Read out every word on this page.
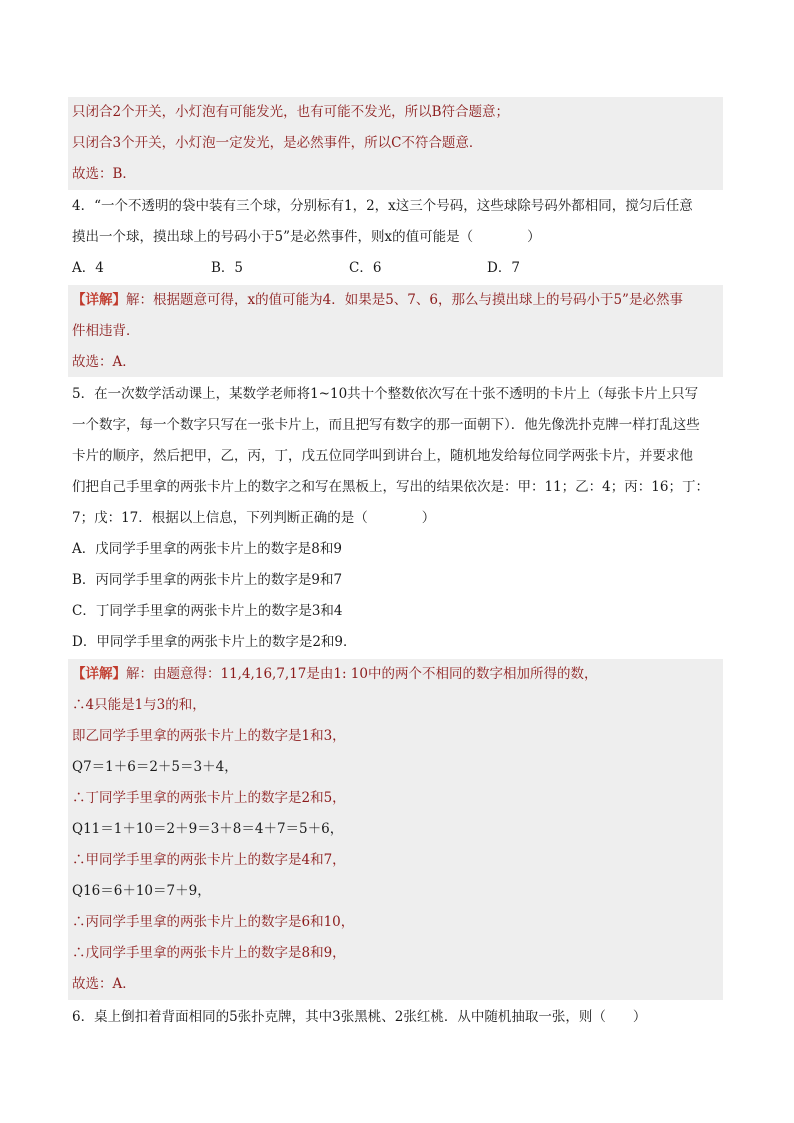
只闭合2个开关，小灯泡有可能发光，也有可能不发光，所以B符合题意；
只闭合3个开关，小灯泡一定发光，是必然事件，所以C不符合题意．
故选：B．
4．“一个不透明的袋中装有三个球，分别标有1，2，x这三个号码，这些球除号码外都相同，搅匀后任意
摸出一个球，摸出球上的号码小于5”是必然事件，则x的值可能是（　　　　）
A．4	B．5	C．6	D．7
【详解】解：根据题意可得，x的值可能为4．如果是5、7、6，那么与摸出球上的号码小于5”是必然事
件相违背．
故选：A．
5．在一次数学活动课上，某数学老师将1~10共十个整数依次写在十张不透明的卡片上（每张卡片上只写
一个数字，每一个数字只写在一张卡片上，而且把写有数字的那一面朝下）．他先像洗扑克牌一样打乱这些
卡片的顺序，然后把甲，乙，丙，丁，戊五位同学叫到讲台上，随机地发给每位同学两张卡片，并要求他
们把自己手里拿的两张卡片上的数字之和写在黑板上，写出的结果依次是：甲：11；乙：4；丙：16；丁：
7；戊：17．根据以上信息，下列判断正确的是（　　　　）
A．戊同学手里拿的两张卡片上的数字是8和9
B．丙同学手里拿的两张卡片上的数字是9和7
C．丁同学手里拿的两张卡片上的数字是3和4
D．甲同学手里拿的两张卡片上的数字是2和9．
【详解】解：由题意得：11,4,16,7,17是由1: 10中的两个不相同的数字相加所得的数，
∴4只能是1与3的和，
即乙同学手里拿的两张卡片上的数字是1和3，
Q7＝1＋6＝2＋5＝3＋4，
∴丁同学手里拿的两张卡片上的数字是2和5，
Q11＝1＋10＝2＋9＝3＋8＝4＋7＝5＋6，
∴甲同学手里拿的两张卡片上的数字是4和7，
Q16＝6＋10＝7＋9，
∴丙同学手里拿的两张卡片上的数字是6和10，
∴戊同学手里拿的两张卡片上的数字是8和9，
故选：A．
6．桌上倒扣着背面相同的5张扑克牌，其中3张黑桃、2张红桃．从中随机抽取一张，则（　　）
